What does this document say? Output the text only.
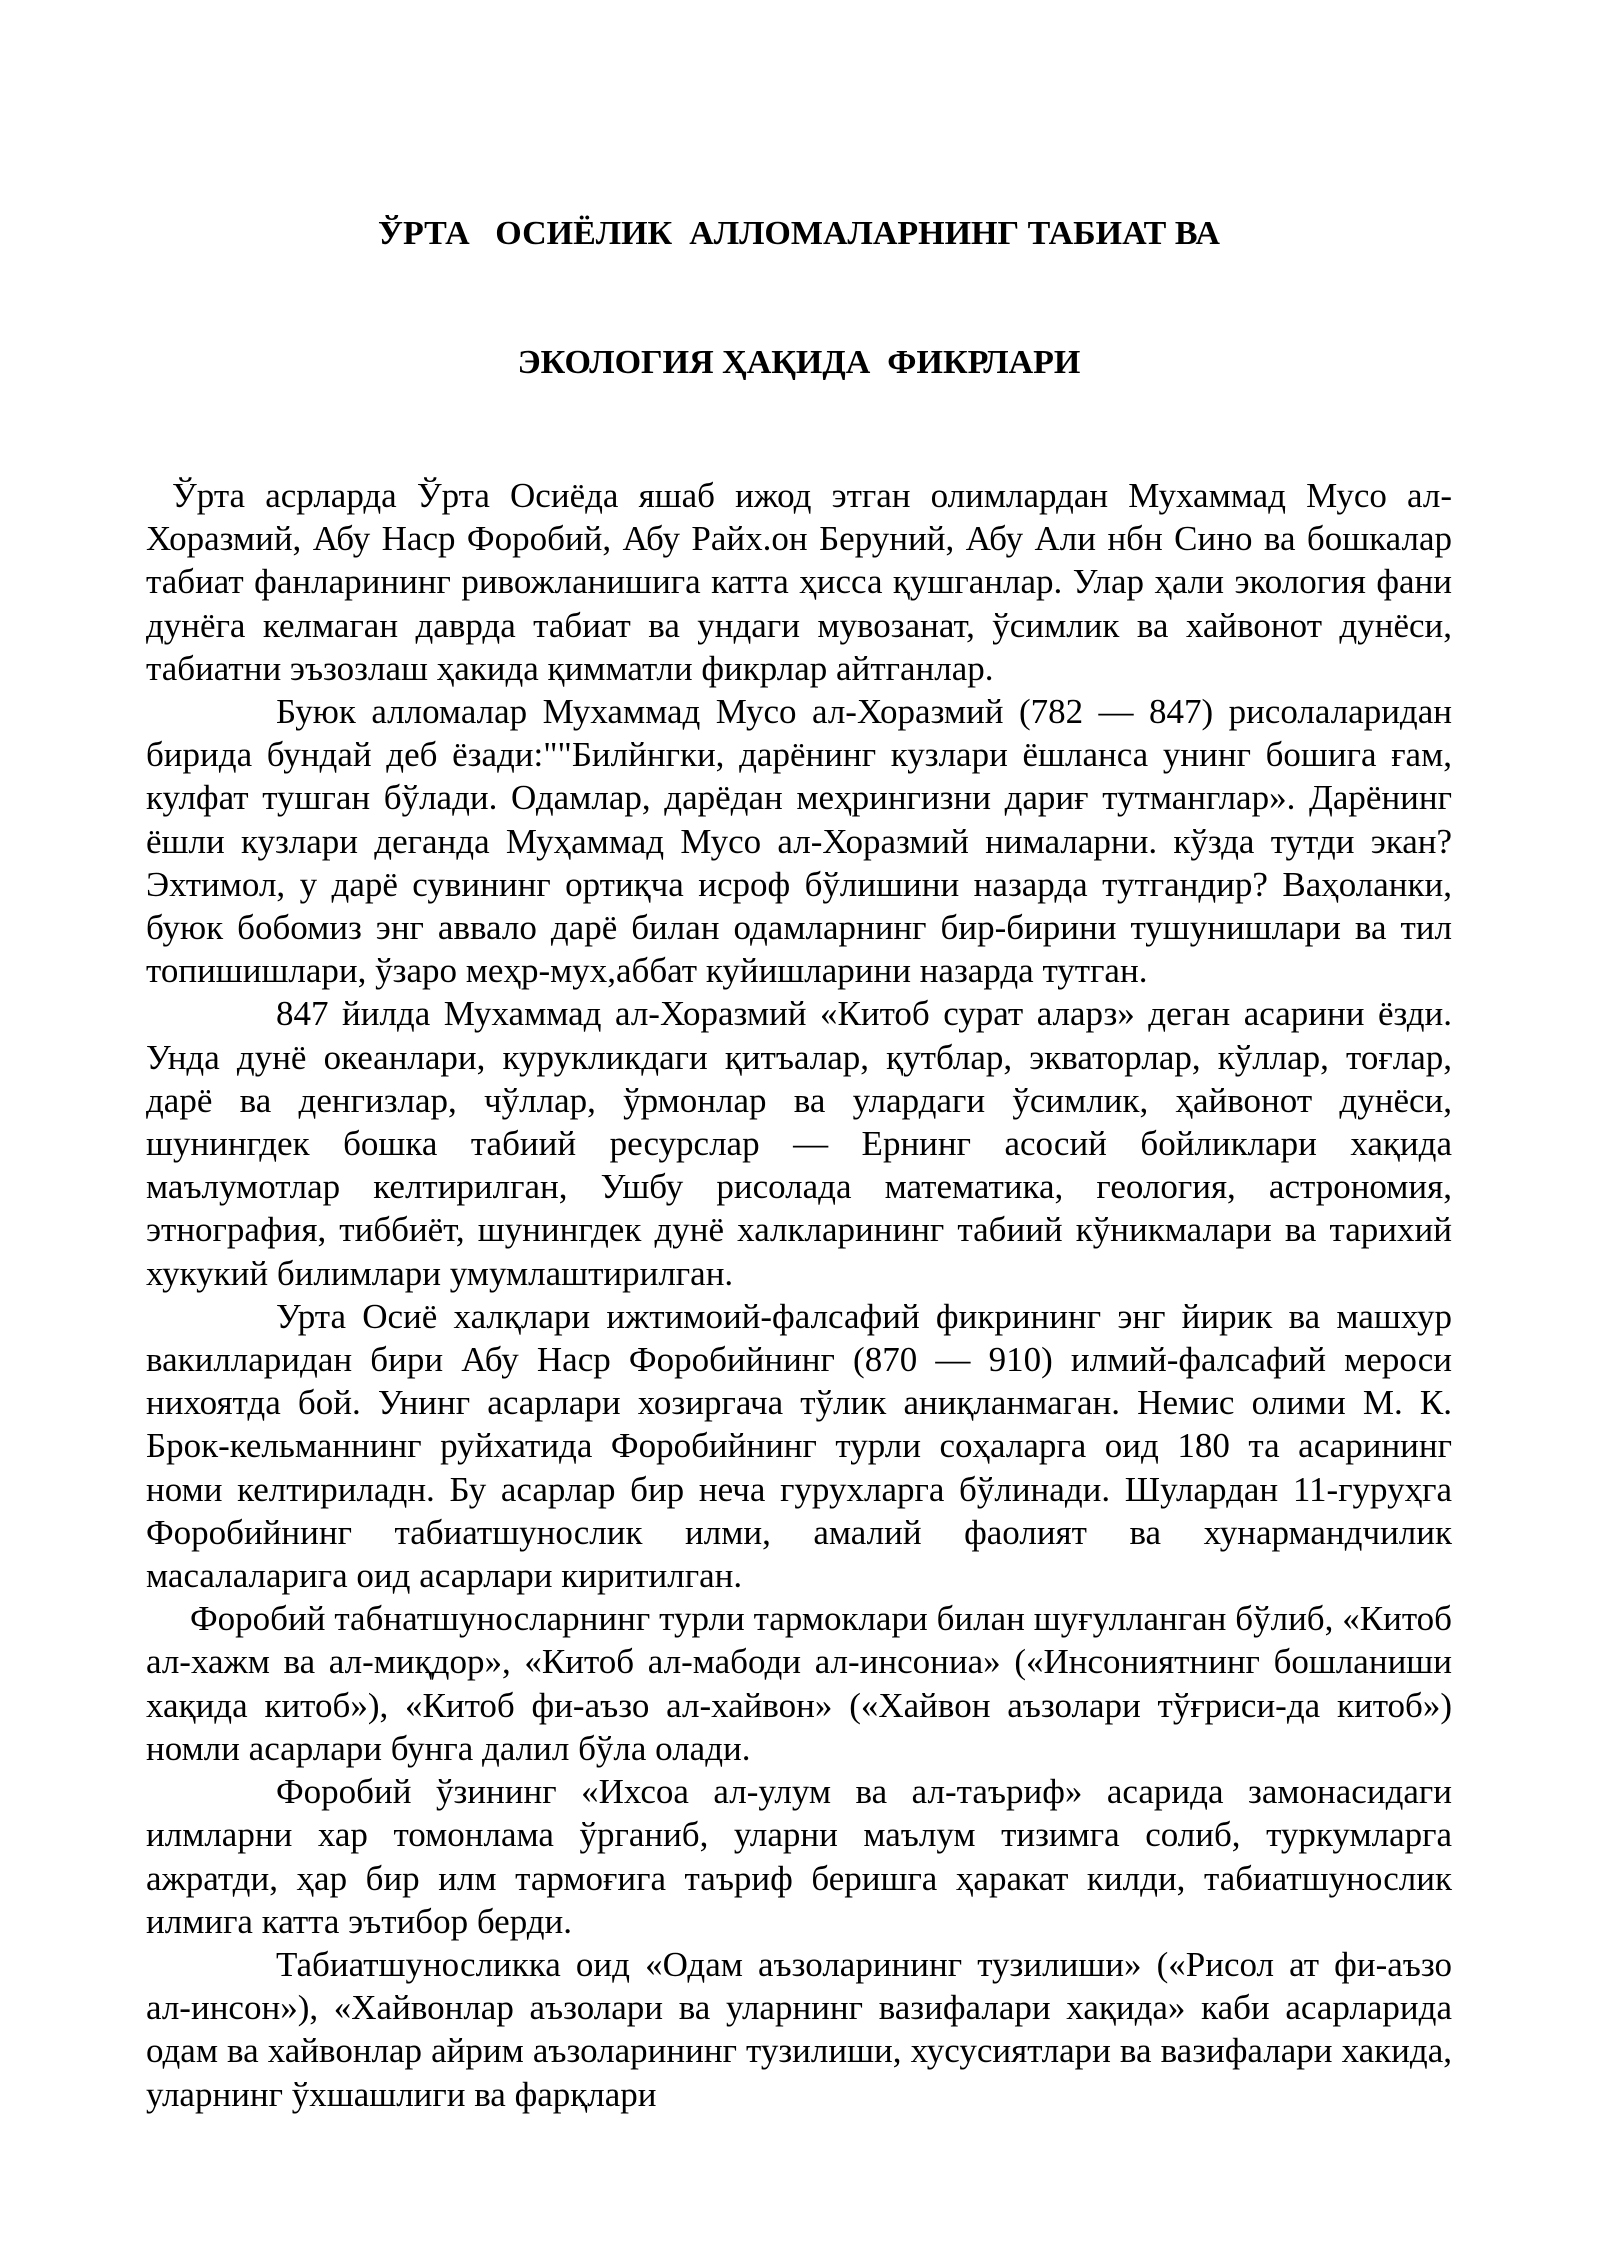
ЎРТА   ОСИЁЛИК  АЛЛОМАЛАРНИНГ ТАБИАТ ВА

ЭКОЛОГИЯ ҲАҚИДА  ФИКРЛАРИ

Ўрта асрларда Ўрта Осиёда яшаб ижод этган олимлардан Мухаммад Мусо ал-Хоразмий, Абу Наср Форобий, Абу Райх.он Беруний, Абу Али нбн Сино ва бошкалар табиат фанларининг ривожланишига катта ҳисса қушганлар. Улар ҳали экология фани дунёга келмаган даврда табиат ва ундаги мувозанат, ўсимлик ва хайвонот дунёси, табиатни эъзозлаш ҳакида қимматли фикрлар айтганлар.

Буюк алломалар Мухаммад Мусо ал-Хоразмий (782 — 847) рисолаларидан бирида бундай деб ёзади:""Билйнгки, дарёнинг кузлари ёшланса унинг бошига ғам, кулфат тушган бўлади. Одамлар, дарёдан меҳрингизни дариғ тутманглар». Дарёнинг ёшли кузлари деганда Муҳаммад Мусо ал-Хоразмий нималарни. кўзда тутди экан? Эхтимол, у дарё сувининг ортиқча исроф бўлишини назарда тутгандир? Ваҳоланки, буюк бобомиз энг аввало дарё билан одамларнинг бир-бирини тушунишлари ва тил топишишлари, ўзаро меҳр-мух,аббат куйишларини назарда тутган.

847 йилда Мухаммад ал-Хоразмий «Китоб сурат аларз» деган асарини ёзди. Унда дунё океанлари, курукликдаги қитъалар, қутблар, экваторлар, кўллар, тоғлар, дарё ва денгизлар, чўллар, ўрмонлар ва улардаги ўсимлик, ҳайвонот дунёси, шунингдек бошка табиий ресурслар — Ернинг асосий бойликлари хақида маълумотлар келтирилган, Ушбу рисолада математика, геология, астрономия, этнография, тиббиёт, шунингдек дунё халкларининг табиий кўникмалари ва тарихий хукукий билимлари умумлаштирилган.

Урта Осиё халқлари ижтимоий-фалсафий фикрининг энг йирик ва машхур вакилларидан бири Абу Наср Форобийнинг (870 — 910) илмий-фалсафий мероси нихоятда бой. Унинг асарлари хозиргача тўлик аниқланмаган. Немис олими М. К. Брок-кельманнинг руйхатида Форобийнинг турли соҳаларга оид 180 та асарининг номи келтириладн. Бу асарлар бир неча гурухларга бўлинади. Шулардан 11-гуруҳга Форобийнинг табиатшунослик илми, амалий фаолият ва хунармандчилик масалаларига оид асарлари киритилган.

Форобий табнатшуносларнинг турли тармоклари билан шуғулланган бўлиб, «Китоб ал-хажм ва ал-миқдор», «Китоб ал-мабоди ал-инсониа» («Инсониятнинг бошланиши хақида китоб»), «Китоб фи-аъзо ал-хайвон» («Хайвон аъзолари тўғриси-да китоб») номли асарлари бунга далил бўла олади.

Форобий ўзининг «Ихсоа ал-улум ва ал-таъриф» асарида замонасидаги илмларни хар томонлама ўрганиб, уларни маълум тизимга солиб, туркумларга ажратди, ҳар бир илм тармоғига таъриф беришга ҳаракат килди, табиатшунослик илмига катта эътибор берди.

Табиатшуносликка оид «Одам аъзоларининг тузилиши» («Рисол ат фи-аъзо ал-инсон»), «Хайвонлар аъзолари ва уларнинг вазифалари хақида» каби асарларида одам ва хайвонлар айрим аъзоларининг тузилиши, хусусиятлари ва вазифалари хакида, уларнинг ўхшашлиги ва фарқлари
